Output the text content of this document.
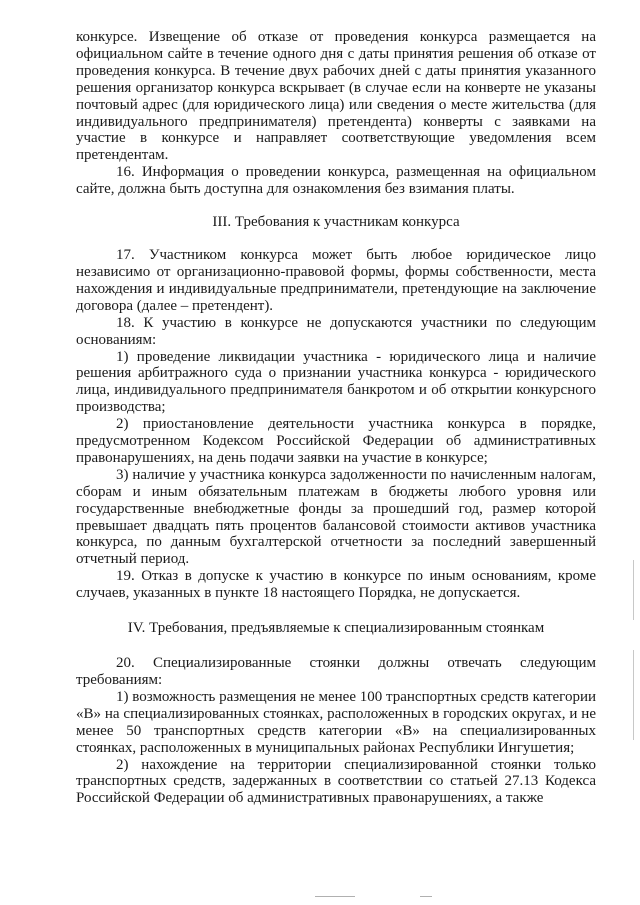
конкурсе. Извещение об отказе от проведения конкурса размещается на официальном сайте в течение одного дня с даты принятия решения об отказе от проведения конкурса. В течение двух рабочих дней с даты принятия указанного решения организатор конкурса вскрывает (в случае если на конверте не указаны почтовый адрес (для юридического лица) или сведения о месте жительства (для индивидуального предпринимателя) претендента) конверты с заявками на участие в конкурсе и направляет соответствующие уведомления всем претендентам.

16. Информация о проведении конкурса, размещенная на официальном сайте, должна быть доступна для ознакомления без взимания платы.

III. Требования к участникам конкурса

17. Участником конкурса может быть любое юридическое лицо независимо от организационно-правовой формы, формы собственности, места нахождения и индивидуальные предприниматели, претендующие на заключение договора (далее – претендент).

18. К участию в конкурсе не допускаются участники по следующим основаниям:

1) проведение ликвидации участника - юридического лица и наличие решения арбитражного суда о признании участника конкурса - юридического лица, индивидуального предпринимателя банкротом и об открытии конкурсного производства;

2) приостановление деятельности участника конкурса в порядке, предусмотренном Кодексом Российской Федерации об административных правонарушениях, на день подачи заявки на участие в конкурсе;

3) наличие у участника конкурса задолженности по начисленным налогам, сборам и иным обязательным платежам в бюджеты любого уровня или государственные внебюджетные фонды за прошедший год, размер которой превышает двадцать пять процентов балансовой стоимости активов участника конкурса, по данным бухгалтерской отчетности за последний завершенный отчетный период.

19. Отказ в допуске к участию в конкурсе по иным основаниям, кроме случаев, указанных в пункте 18 настоящего Порядка, не допускается.

IV. Требования, предъявляемые к специализированным стоянкам

20. Специализированные стоянки должны отвечать следующим требованиям:

1) возможность размещения не менее 100 транспортных средств категории «В» на специализированных стоянках, расположенных в городских округах, и не менее 50 транспортных средств категории «В» на специализированных стоянках, расположенных в муниципальных районах Республики Ингушетия;

2) нахождение на территории специализированной стоянки только транспортных средств, задержанных в соответствии со статьей 27.13 Кодекса Российской Федерации об административных правонарушениях, а также
